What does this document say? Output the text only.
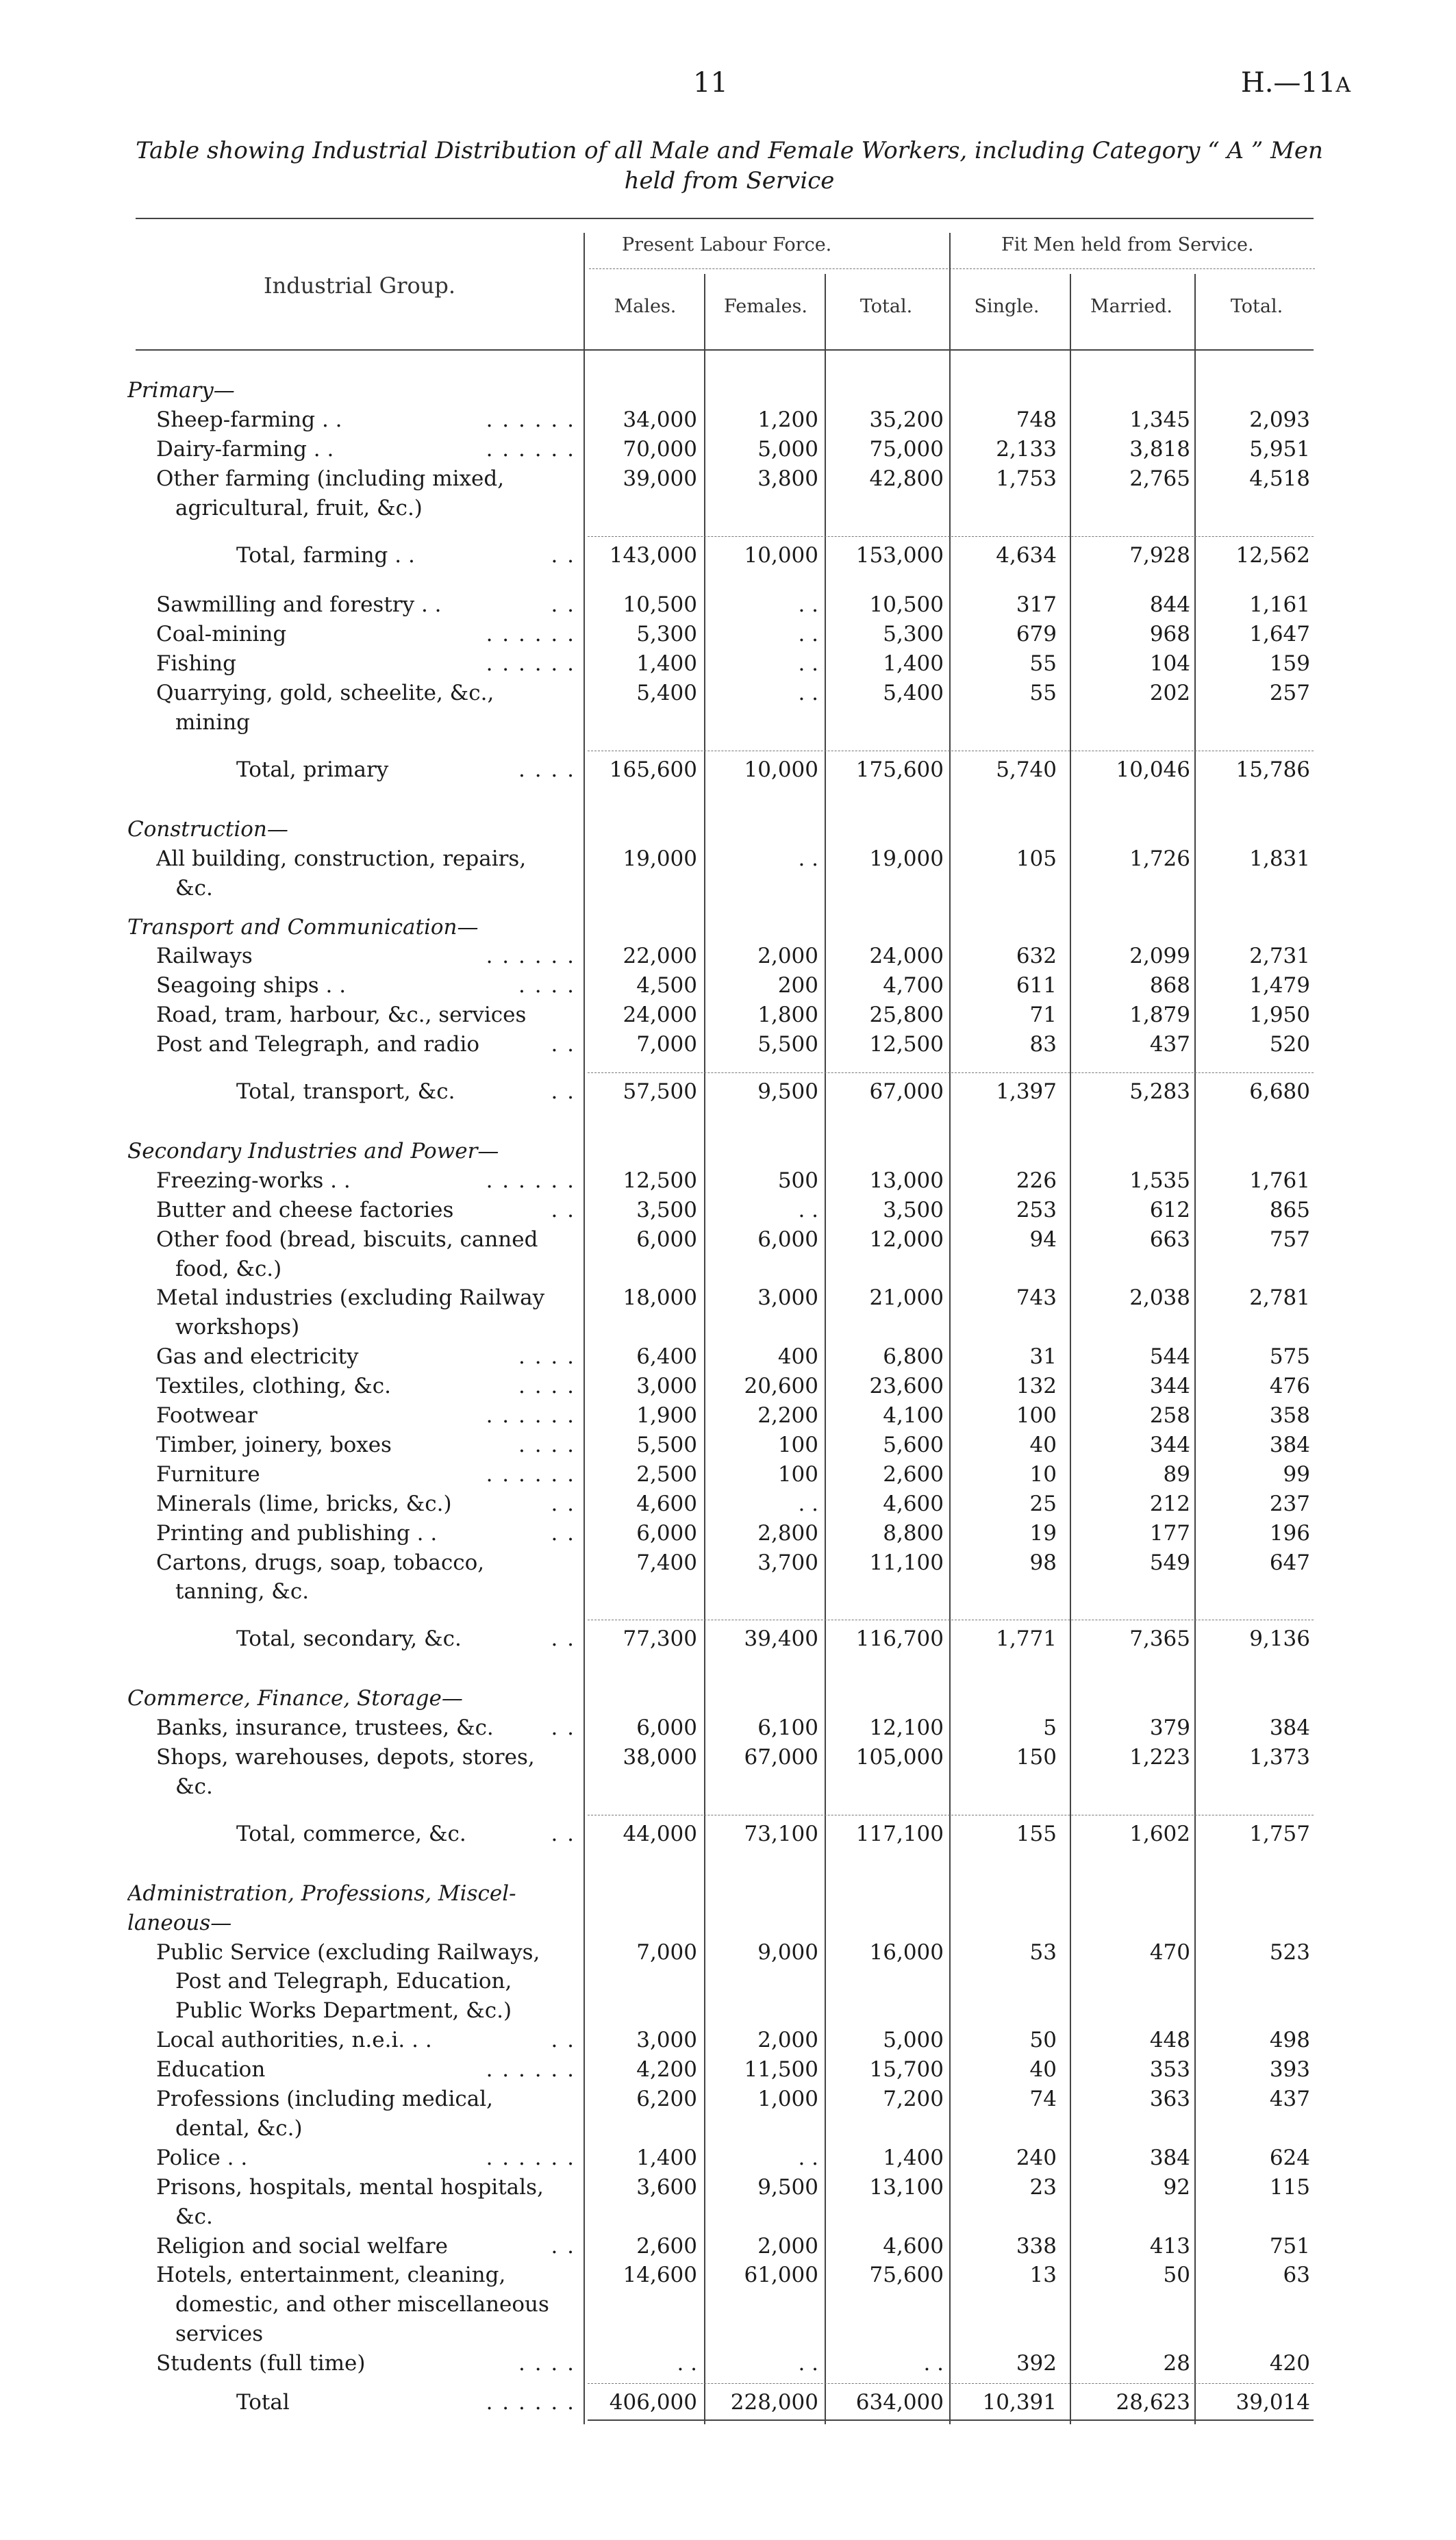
11	H.—11A
Table showing Industrial Distribution of all Male and Female Workers, including Category “ A ” Men
held from Service
Industrial Group.
Present Labour Force.	Fit Men held from Service.
Males.	Females.	Total.	Single.	Married.	Total.
Primary—
Sheep-farming . .	. . . . . .	34,000	1,200	35,200	748	1,345	2,093
Dairy-farming . .	. . . . . .	70,000	5,000	75,000	2,133	3,818	5,951
Other farming (including mixed,	39,000	3,800	42,800	1,753	2,765	4,518
agricultural, fruit, &c.)
Total, farming . .	. .	143,000	10,000	153,000	4,634	7,928	12,562
Sawmilling and forestry . .	. .	10,500	. .	10,500	317	844	1,161
Coal-mining	. . . . . .	5,300	. .	5,300	679	968	1,647
Fishing	. . . . . .	1,400	. .	1,400	55	104	159
Quarrying, gold, scheelite, &c.,	5,400	. .	5,400	55	202	257
mining
Total, primary	. . . .	165,600	10,000	175,600	5,740	10,046	15,786
Construction—
All building, construction, repairs,	19,000	. .	19,000	105	1,726	1,831
&c.
Transport and Communication—
Railways	. . . . . .	22,000	2,000	24,000	632	2,099	2,731
Seagoing ships . .	. . . .	4,500	200	4,700	611	868	1,479
Road, tram, harbour, &c., services	24,000	1,800	25,800	71	1,879	1,950
Post and Telegraph, and radio	. .	7,000	5,500	12,500	83	437	520
Total, transport, &c.	. .	57,500	9,500	67,000	1,397	5,283	6,680
Secondary Industries and Power—
Freezing-works . .	. . . . . .	12,500	500	13,000	226	1,535	1,761
Butter and cheese factories	. .	3,500	. .	3,500	253	612	865
Other food (bread, biscuits, canned	6,000	6,000	12,000	94	663	757
food, &c.)
Metal industries (excluding Railway	18,000	3,000	21,000	743	2,038	2,781
workshops)
Gas and electricity	. . . .	6,400	400	6,800	31	544	575
Textiles, clothing, &c.	. . . .	3,000	20,600	23,600	132	344	476
Footwear	. . . . . .	1,900	2,200	4,100	100	258	358
Timber, joinery, boxes	. . . .	5,500	100	5,600	40	344	384
Furniture	. . . . . .	2,500	100	2,600	10	89	99
Minerals (lime, bricks, &c.)	. .	4,600	. .	4,600	25	212	237
Printing and publishing . .	. .	6,000	2,800	8,800	19	177	196
Cartons, drugs, soap, tobacco,	7,400	3,700	11,100	98	549	647
tanning, &c.
Total, secondary, &c.	. .	77,300	39,400	116,700	1,771	7,365	9,136
Commerce, Finance, Storage—
Banks, insurance, trustees, &c.	. .	6,000	6,100	12,100	5	379	384
Shops, warehouses, depots, stores,	38,000	67,000	105,000	150	1,223	1,373
&c.
Total, commerce, &c.	. .	44,000	73,100	117,100	155	1,602	1,757
Administration, Professions, Miscel-
laneous—
Public Service (excluding Railways,	7,000	9,000	16,000	53	470	523
Post and Telegraph, Education,
Public Works Department, &c.)
Local authorities, n.e.i. . .	. .	3,000	2,000	5,000	50	448	498
Education	. . . . . .	4,200	11,500	15,700	40	353	393
Professions (including medical,	6,200	1,000	7,200	74	363	437
dental, &c.)
Police . .	. . . . . .	1,400	. .	1,400	240	384	624
Prisons, hospitals, mental hospitals,	3,600	9,500	13,100	23	92	115
&c.
Religion and social welfare	. .	2,600	2,000	4,600	338	413	751
Hotels, entertainment, cleaning,	14,600	61,000	75,600	13	50	63
domestic, and other miscellaneous
services
Students (full time)	. . . .	. .	. .	. .	392	28	420
Total	. . . . . .	406,000	228,000	634,000	10,391	28,623	39,014
